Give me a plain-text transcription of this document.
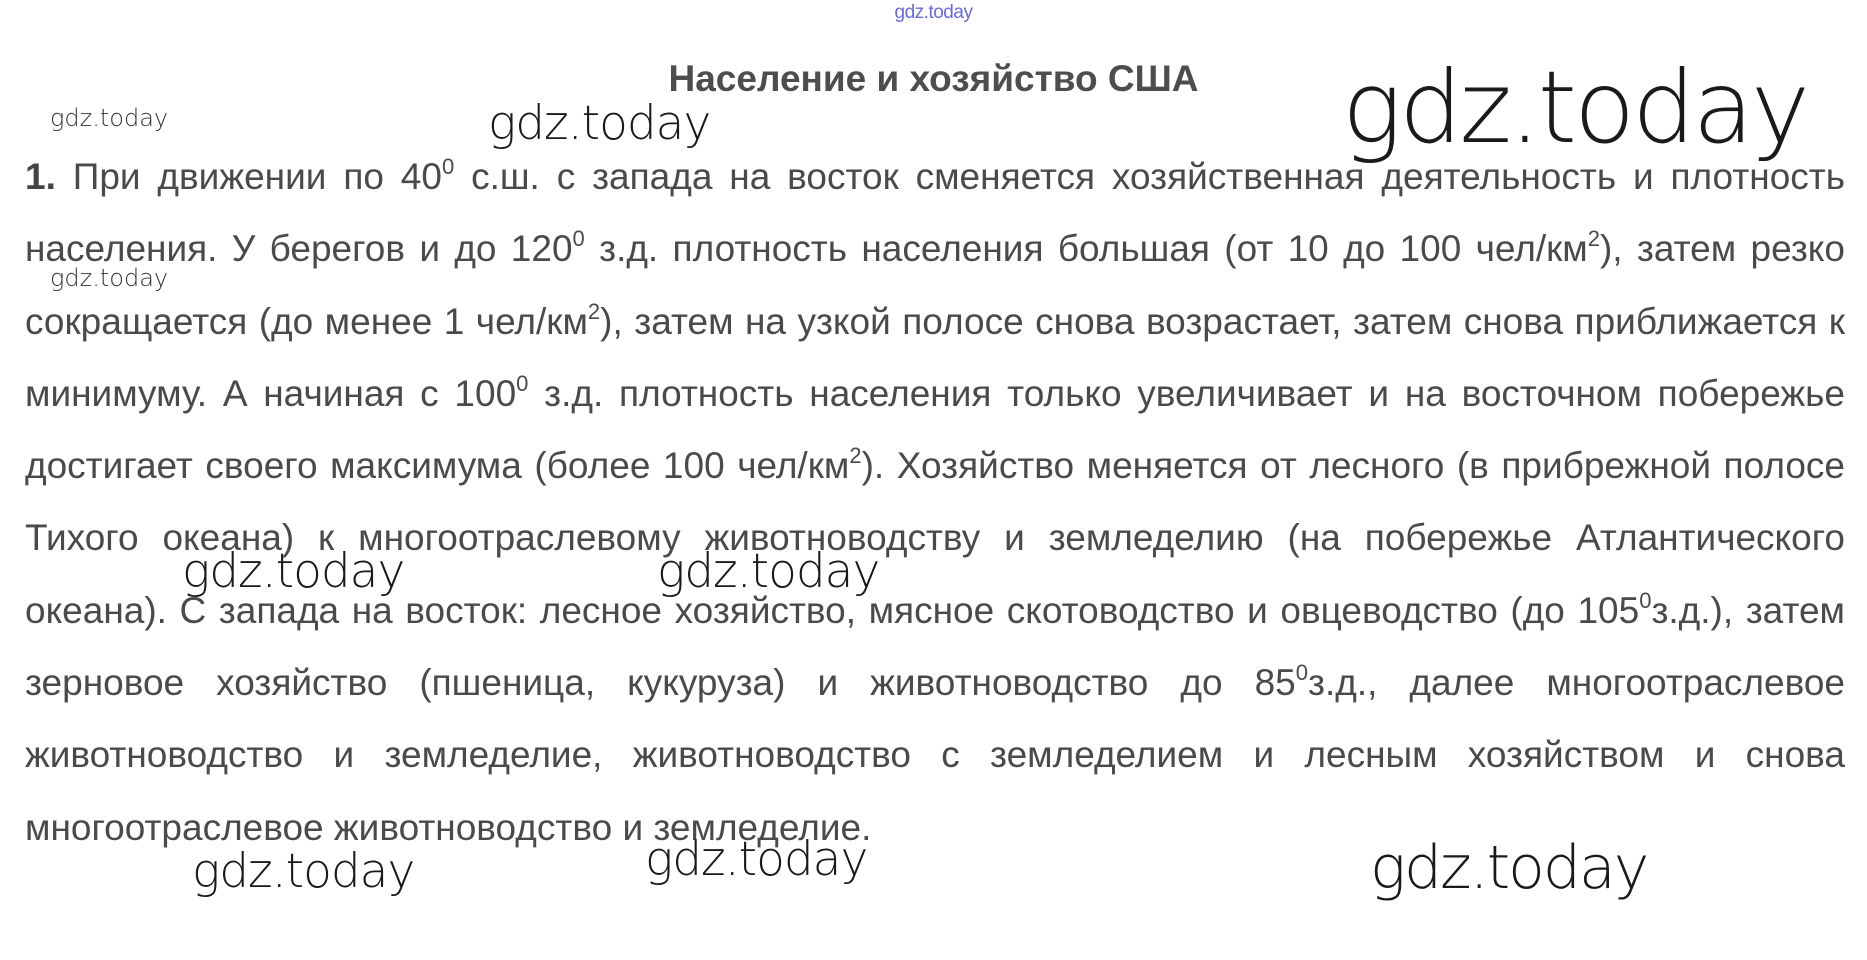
gdz.today
Население и хозяйство США
1. При движении по $40^0$ с.ш. с запада на восток сменяется хозяйственная деятельность и плотность населения. У берегов и до $120^0$ з.д. плотность населения большая (от 10 до 100 чел/$км^2$), затем резко сокращается (до менее 1 чел/$км^2$), затем на узкой полосе снова возрастает, затем снова приближается к минимуму. А начиная с $100^0$ з.д. плотность населения только увеличивает и на восточном побережье достигает своего максимума (более 100 чел/$км^2$). Хозяйство меняется от лесного (в прибрежной полосе Тихого океана) к многоотраслевому животноводству и земледелию (на побережье Атлантического океана). С запада на восток: лесное хозяйство, мясное скотоводство и овцеводство (до $105^0з.д$.), затем зерновое хозяйство (пшеница, кукуруза) и животноводство до $85^0з.д$., далее многоотраслевое животноводство и земледелие, животноводство с земледелием и лесным хозяйством и снова многоотраслевое животноводство и земледелие.
gdz.today
gdz.today
gdz.today	gdz.today
gdz.today	gdz.today
gdz.today	gdz.today	gdz.today
